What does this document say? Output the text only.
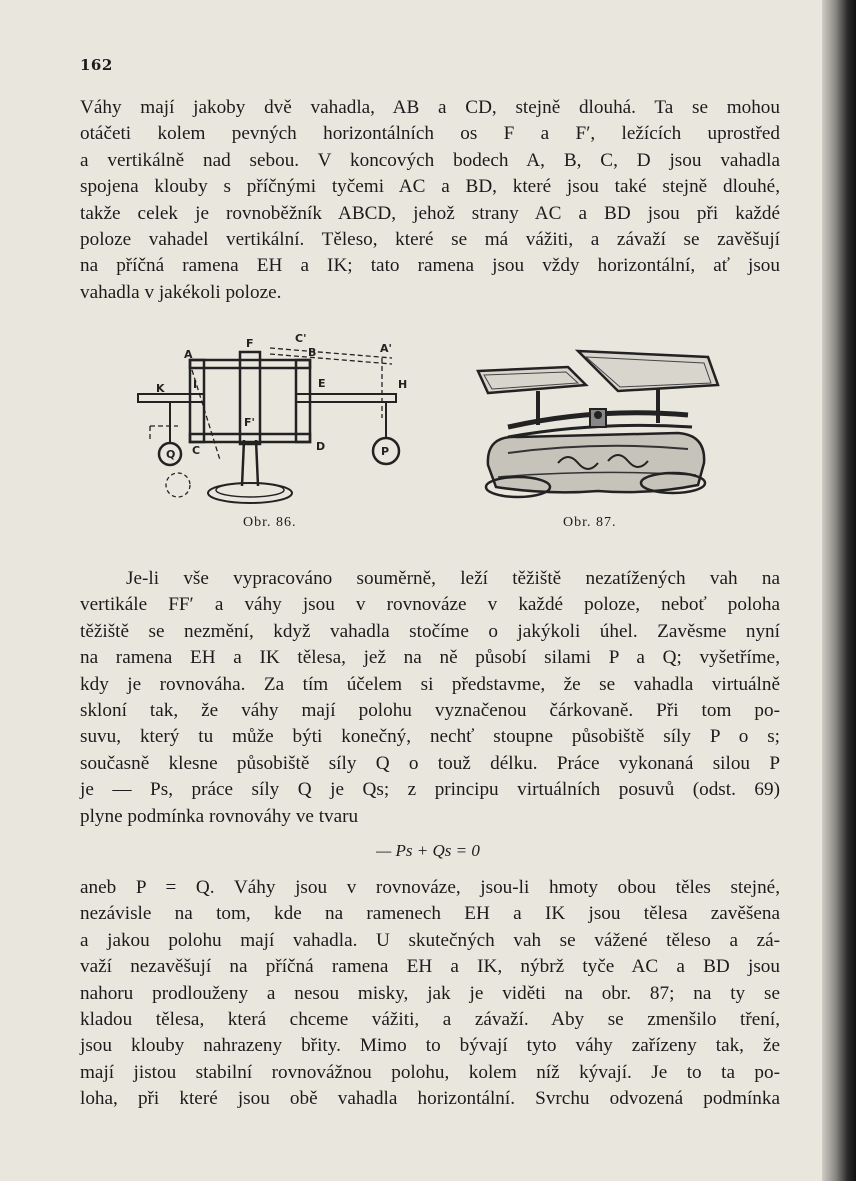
162
Váhy mají jakoby dvě vahadla, AB a CD, stejně dlouhá. Ta se mohou
otáčeti kolem pevných horizontálních os F a F′, ležících uprostřed
a vertikálně nad sebou. V koncových bodech A, B, C, D jsou vahadla
spojena klouby s příčnými tyčemi AC a BD, které jsou také stejně dlouhé,
takže celek je rovnoběžník ABCD, jehož strany AC a BD jsou při každé
poloze vahadel vertikální. Těleso, které se má vážiti, a závaží se zavěšují
na příčná ramena EH a IK; tato ramena jsou vždy horizontální, ať jsou
vahadla v jakékoli poloze.
A
F	C'
B	A'
K	I	E	H
F'
C	D
Q	P
Obr. 86.	Obr. 87.
Je-li vše vypracováno souměrně, leží těžiště nezatížených vah na
vertikále FF′ a váhy jsou v rovnováze v každé poloze, neboť poloha
těžiště se nezmění, když vahadla stočíme o jakýkoli úhel. Zavěsme nyní
na ramena EH a IK tělesa, jež na ně působí silami P a Q; vyšetříme,
kdy je rovnováha. Za tím účelem si představme, že se vahadla virtuálně
skloní tak, že váhy mají polohu vyznačenou čárkovaně. Při tom po-
suvu, který tu může býti konečný, nechť stoupne působiště síly P o s;
současně klesne působiště síly Q o touž délku. Práce vykonaná silou P
je — Ps, práce síly Q je Qs; z principu virtuálních posuvů (odst. 69)
plyne podmínka rovnováhy ve tvaru
— Ps + Qs = 0
aneb P = Q. Váhy jsou v rovnováze, jsou-li hmoty obou těles stejné,
nezávisle na tom, kde na ramenech EH a IK jsou tělesa zavěšena
a jakou polohu mají vahadla. U skutečných vah se vážené těleso a zá-
važí nezavěšují na příčná ramena EH a IK, nýbrž tyče AC a BD jsou
nahoru prodlouženy a nesou misky, jak je viděti na obr. 87; na ty se
kladou tělesa, která chceme vážiti, a závaží. Aby se zmenšilo tření,
jsou klouby nahrazeny břity. Mimo to bývají tyto váhy zařízeny tak, že
mají jistou stabilní rovnovážnou polohu, kolem níž kývají. Je to ta po-
loha, při které jsou obě vahadla horizontální. Svrchu odvozená podmínka
